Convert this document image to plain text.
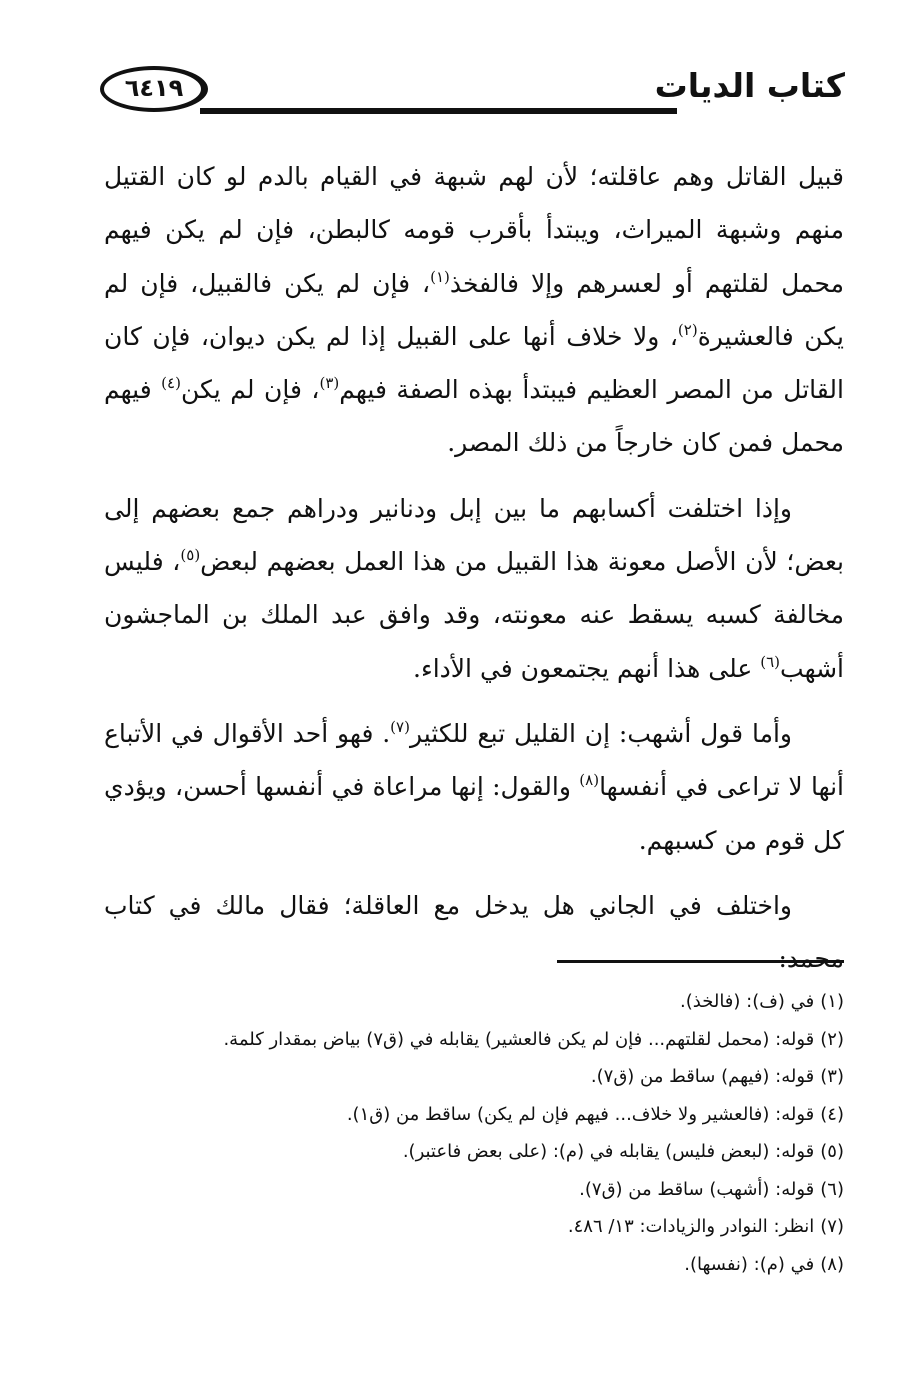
كتاب الديات
٦٤١٩

قبيل القاتل وهم عاقلته؛ لأن لهم شبهة في القيام بالدم لو كان القتيل منهم وشبهة الميراث، ويبتدأ بأقرب قومه كالبطن، فإن لم يكن فيهم محمل لقلتهم أو لعسرهم وإلا فالفخذ$^{(١)}$، فإن لم يكن فالقبيل، فإن لم يكن فالعشيرة$^{(٢)}$، ولا خلاف أنها على القبيل إذا لم يكن ديوان، فإن كان القاتل من المصر العظيم فيبتدأ بهذه الصفة فيهم$^{(٣)}$، فإن لم يكن$^{(٤)}$ فيهم محمل فمن كان خارجاً من ذلك المصر.

وإذا اختلفت أكسابهم ما بين إبل ودنانير ودراهم جمع بعضهم إلى بعض؛ لأن الأصل معونة هذا القبيل من هذا العمل بعضهم لبعض$^{(٥)}$، فليس مخالفة كسبه يسقط عنه معونته، وقد وافق عبد الملك بن الماجشون أشهب$^{(٦)}$ على هذا أنهم يجتمعون في الأداء.

وأما قول أشهب: إن القليل تبع للكثير$^{(٧)}$. فهو أحد الأقوال في الأتباع أنها لا تراعى في أنفسها$^{(٨)}$ والقول: إنها مراعاة في أنفسها أحسن، ويؤدي كل قوم من كسبهم.

واختلف في الجاني هل يدخل مع العاقلة؛ فقال مالك في كتاب محمد:

(١)في (ف): (فالخذ).

(٢)قوله: (محمل لقلتهم... فإن لم يكن فالعشير) يقابله في (ق٧) بياض بمقدار كلمة.

(٣)قوله: (فيهم) ساقط من (ق٧).

(٤)قوله: (فالعشير ولا خلاف... فيهم فإن لم يكن) ساقط من (ق١).

(٥)قوله: (لبعض فليس) يقابله في (م): (على بعض فاعتبر).

(٦)قوله: (أشهب) ساقط من (ق٧).

(٧)انظر: النوادر والزيادات: ١٣/ ٤٨٦.

(٨)في (م): (نفسها).
